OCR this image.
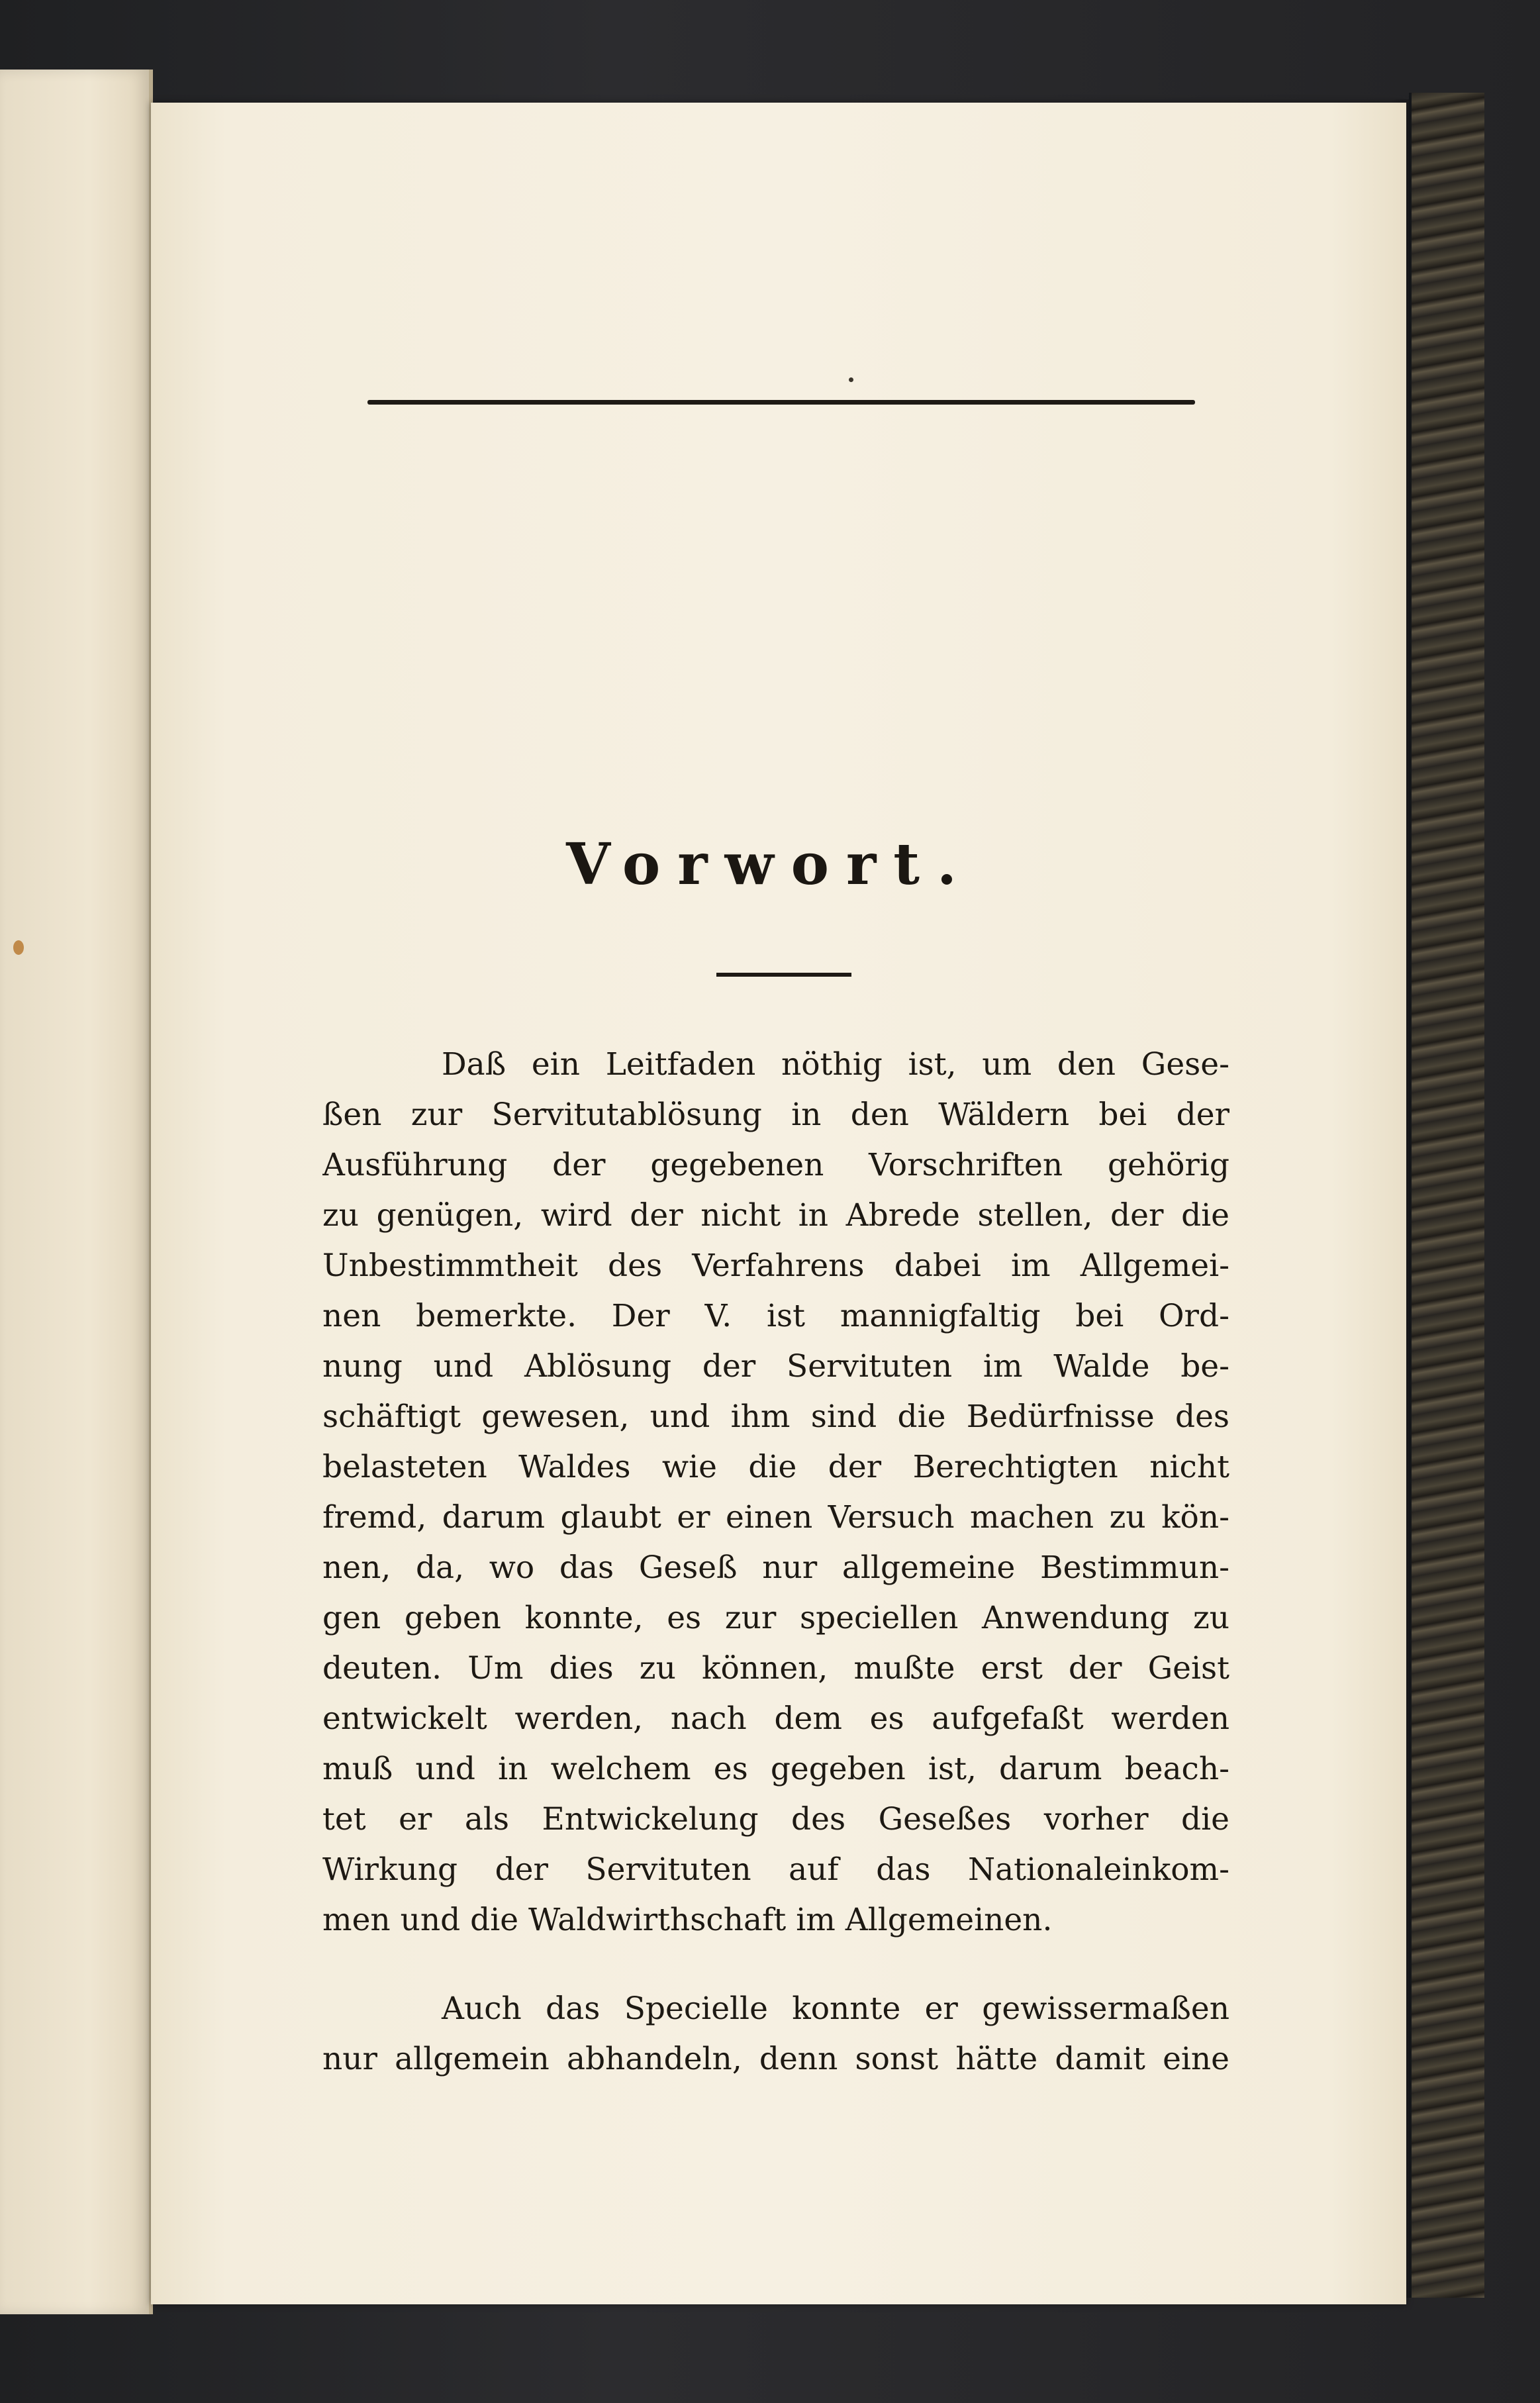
Vorwort.
Daß ein Leitfaden nöthig ist, um den Gese-
ßen zur Servitutablösung in den Wäldern bei der
Ausführung der gegebenen Vorschriften gehörig
zu genügen, wird der nicht in Abrede stellen, der die
Unbestimmtheit des Verfahrens dabei im Allgemei-
nen bemerkte. Der V. ist mannigfaltig bei Ord-
nung und Ablösung der Servituten im Walde be-
schäftigt gewesen, und ihm sind die Bedürfnisse des
belasteten Waldes wie die der Berechtigten nicht
fremd, darum glaubt er einen Versuch machen zu kön-
nen, da, wo das Geseß nur allgemeine Bestimmun-
gen geben konnte, es zur speciellen Anwendung zu
deuten. Um dies zu können, mußte erst der Geist
entwickelt werden, nach dem es aufgefaßt werden
muß und in welchem es gegeben ist, darum beach-
tet er als Entwickelung des Geseßes vorher die
Wirkung der Servituten auf das Nationaleinkom-
men und die Waldwirthschaft im Allgemeinen.
Auch das Specielle konnte er gewissermaßen
nur allgemein abhandeln, denn sonst hätte damit eine
